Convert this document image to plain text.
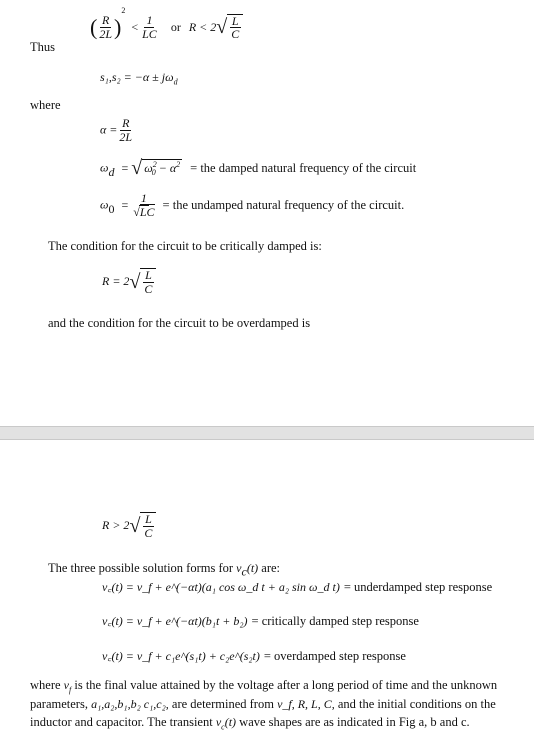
( $\frac{R}{2L} )^2 < \frac{1}{LC}$ or R < 2 √ $\frac{L}{C}$
Thus
$s_1,s_2 = -\alpha \pm j\omega_d$
where
$\alpha = \frac{R}{2L}$
$\omega_d$ = √ $\omega^2_0 - \alpha^2$ = the damped natural frequency of the circuit
$\omega_0 = \frac{1}{√LC}$ = the undamped natural frequency of the circuit.
The condition for the circuit to be critically damped is:
R = 2 √ $\frac{L}{C}$
and the condition for the circuit to be overdamped is
R > 2 √ $\frac{L}{C}$
The three possible solution forms for $v_c(t)$ are:
v꜀(t) = v_f + e^(−αt)(a₁ cos ω_d t + a₂ sin ω_d t) = underdamped step response
v꜀(t) = v_f + e^(−αt)(b₁t + b₂) = critically damped step response
v꜀(t) = v_f + c₁e^(s₁t) + c₂e^(s₂t) = overdamped step response
where $v_f$ is the final value attained by the voltage after a long period of time and the unknown
parameters, a₁,a₂,b₁,b₂ c₁,c₂, are determined from v_f, R, L, C, and the initial conditions on the
inductor and capacitor. The transient $v_c(t)$ wave shapes are as indicated in Fig a, b and c.
